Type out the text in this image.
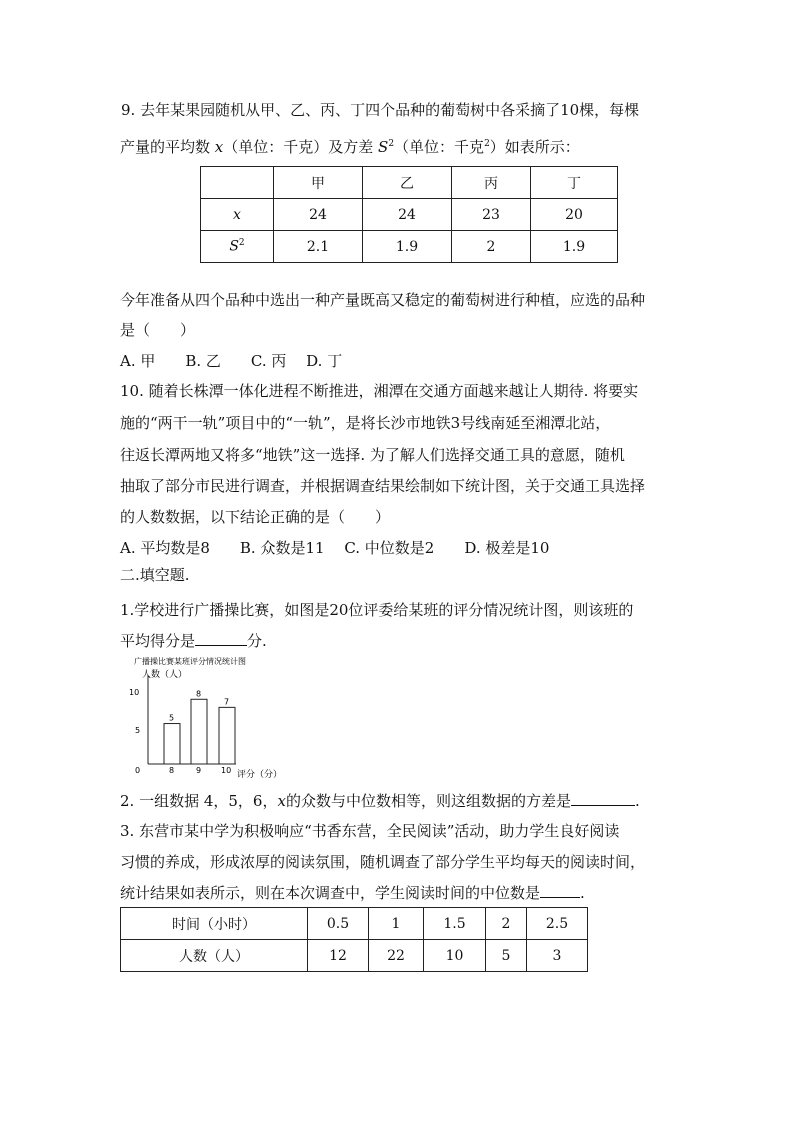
9. 去年某果园随机从甲、乙、丙、丁四个品种的葡萄树中各采摘了10棵，每棵
产量的平均数 x（单位：千克）及方差 $S^2$（单位：千克$^2$）如表所示：
	甲	乙	丙	丁
x	24	24	23	20
$S^2$	2.1	1.9	2	1.9
今年准备从四个品种中选出一种产量既高又稳定的葡萄树进行种植，应选的品种
是（　　）
A. 甲　　B. 乙　　C. 丙　 D. 丁
10. 随着长株潭一体化进程不断推进，湘潭在交通方面越来越让人期待. 将要实
施的“两干一轨”项目中的“一轨”，是将长沙市地铁3号线南延至湘潭北站，
往返长潭两地又将多“地铁”这一选择. 为了解人们选择交通工具的意愿，随机
抽取了部分市民进行调查，并根据调查结果绘制如下统计图，关于交通工具选择
的人数数据，以下结论正确的是（　　）
A. 平均数是8　　B. 众数是11　 C. 中位数是2　　D. 极差是10
二.填空题.
1.学校进行广播操比赛，如图是20位评委给某班的评分情况统计图，则该班的
平均得分是	分.
广播操比赛某班评分情况统计图
人数（人）
0
5
10
5
8
8
9
7
10 评分（分）
2. 一组数据 4，5，6，x的众数与中位数相等，则这组数据的方差是	.
3. 东营市某中学为积极响应“书香东营，全民阅读”活动，助力学生良好阅读
习惯的养成，形成浓厚的阅读氛围，随机调查了部分学生平均每天的阅读时间，
统计结果如表所示，则在本次调查中，学生阅读时间的中位数是	.
时间（小时）	0.5	1	1.5	2	2.5
人数（人）	12	22	10	5	3
